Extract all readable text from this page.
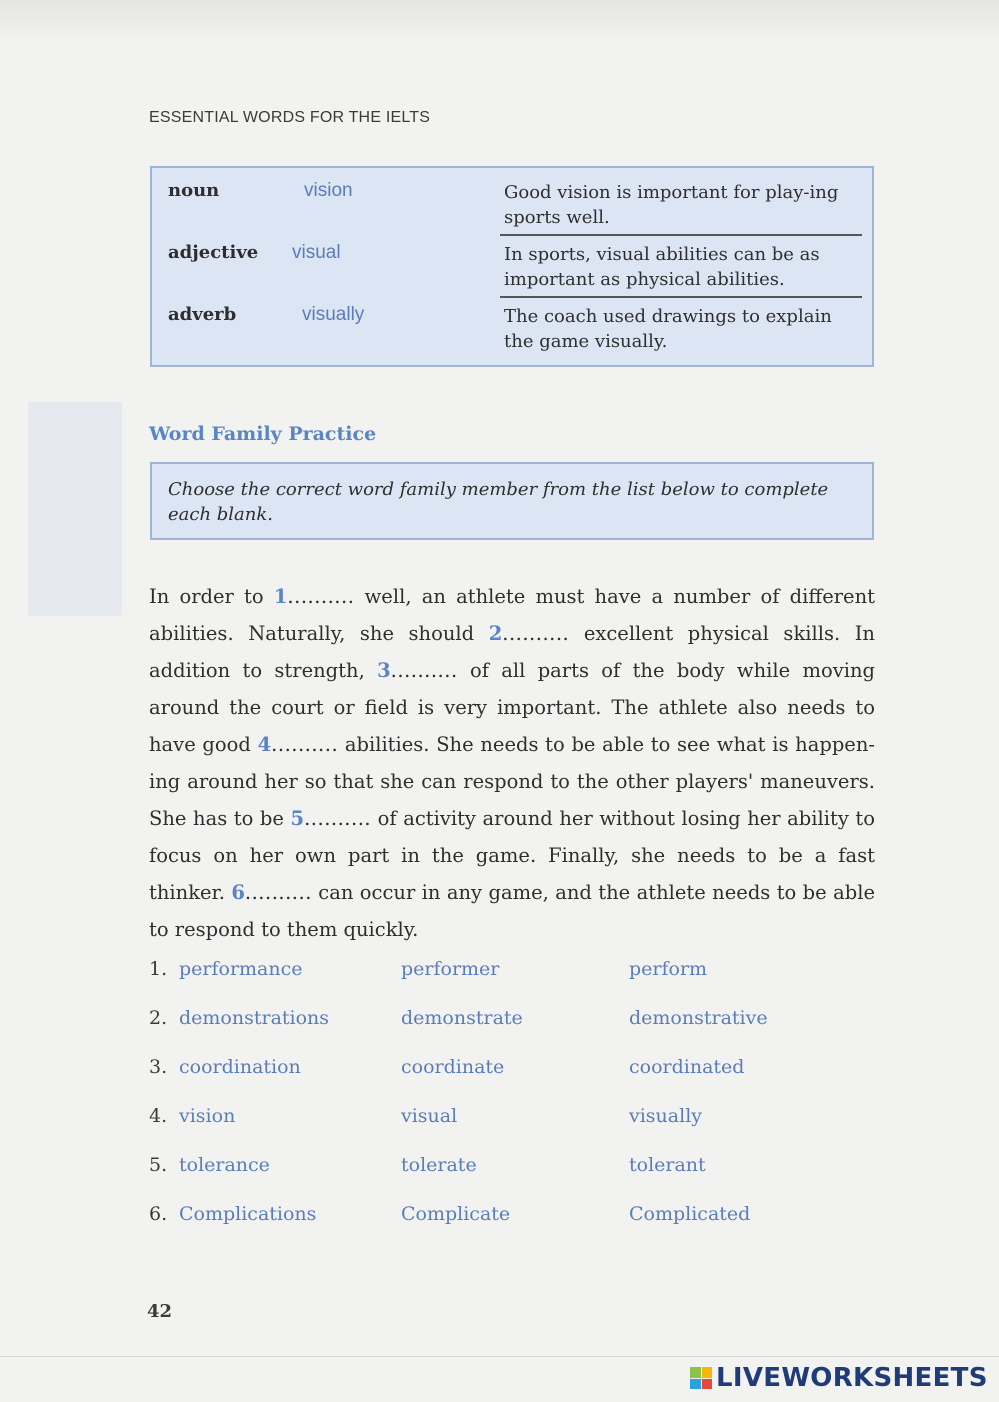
ESSENTIAL WORDS FOR THE IELTS
noun	vision	Good vision is important for play-ing sports well.
adjective visual	In sports, visual abilities can be as important as physical abilities.
adverb	visually	The coach used drawings to explain the game visually.
Word Family Practice
Choose the correct word family member from the list below to complete each blank.
In order to 1.......... well, an athlete must have a number of different abilities. Naturally, she should 2.......... excellent physical skills. In addition to strength, 3.......... of all parts of the body while moving around the court or field is very important. The athlete also needs to have good 4.......... abilities. She needs to be able to see what is happen-ing around her so that she can respond to the other players' maneuvers. She has to be 5.......... of activity around her without losing her ability to focus on her own part in the game. Finally, she needs to be a fast thinker. 6.......... can occur in any game, and the athlete needs to be able to respond to them quickly.
1. performance	performer	perform
2. demonstrations	demonstrate	demonstrative
3. coordination	coordinate	coordinated
4. vision	visual	visually
5. tolerance	tolerate	tolerant
6. Complications	Complicate	Complicated
42
LIVEWORKSHEETS
